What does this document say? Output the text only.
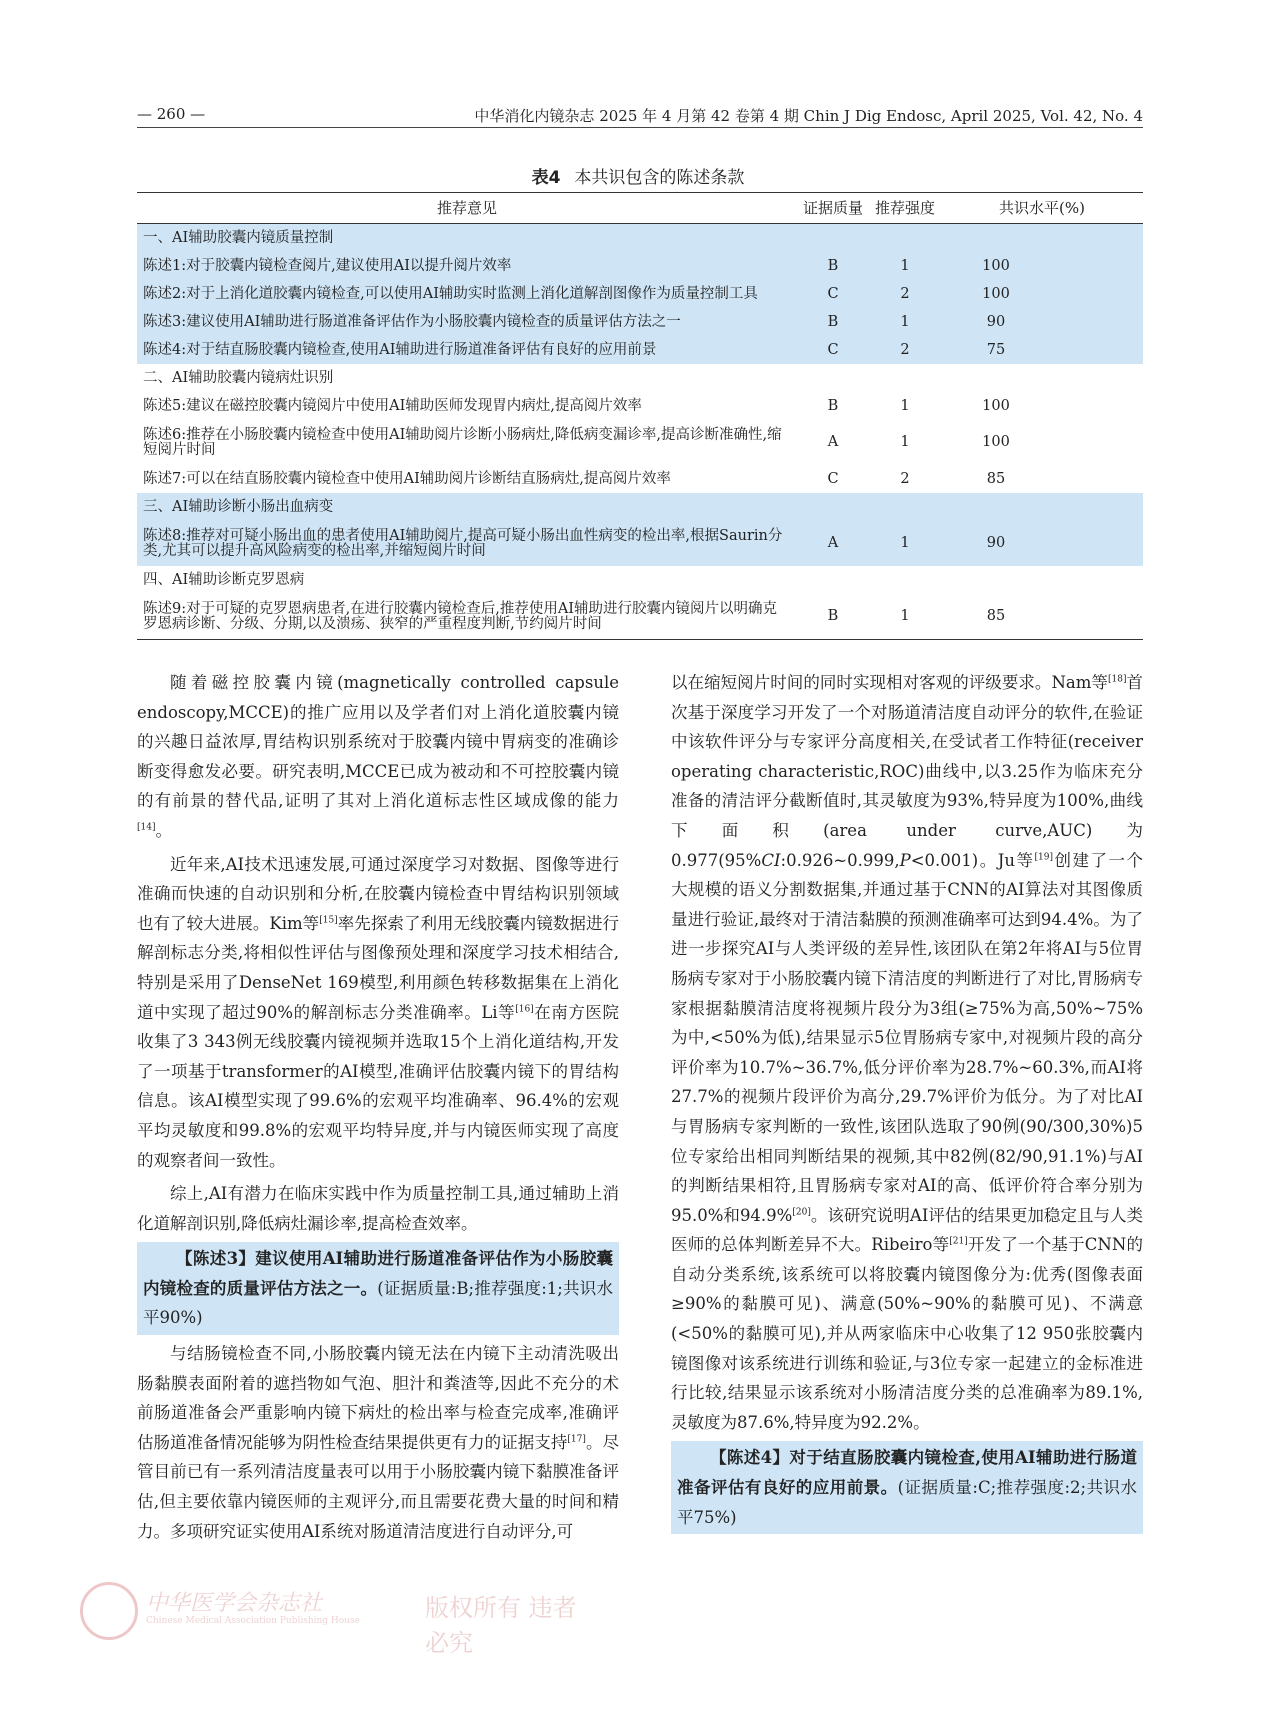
— 260 —	中华消化内镜杂志 2025 年 4 月第 42 卷第 4 期 Chin J Dig Endosc, April 2025, Vol. 42, No. 4
表4 本共识包含的陈述条款
推荐意见	证据质量	推荐强度	共识水平(%)	
一、AI辅助胶囊内镜质量控制				
陈述1:对于胶囊内镜检查阅片,建议使用AI以提升阅片效率	B	1	100	
陈述2:对于上消化道胶囊内镜检查,可以使用AI辅助实时监测上消化道解剖图像作为质量控制工具	C	2	100	
陈述3:建议使用AI辅助进行肠道准备评估作为小肠胶囊内镜检查的质量评估方法之一	B	1	90	
陈述4:对于结直肠胶囊内镜检查,使用AI辅助进行肠道准备评估有良好的应用前景	C	2	75	
二、AI辅助胶囊内镜病灶识别				
陈述5:建议在磁控胶囊内镜阅片中使用AI辅助医师发现胃内病灶,提高阅片效率	B	1	100	
陈述6:推荐在小肠胶囊内镜检查中使用AI辅助阅片诊断小肠病灶,降低病变漏诊率,提高诊断准确性,缩短阅片时间	A	1	100	
陈述7:可以在结直肠胶囊内镜检查中使用AI辅助阅片诊断结直肠病灶,提高阅片效率	C	2	85	
三、AI辅助诊断小肠出血病变				
陈述8:推荐对可疑小肠出血的患者使用AI辅助阅片,提高可疑小肠出血性病变的检出率,根据Saurin分类,尤其可以提升高风险病变的检出率,并缩短阅片时间	A	1	90	
四、AI辅助诊断克罗恩病				
陈述9:对于可疑的克罗恩病患者,在进行胶囊内镜检查后,推荐使用AI辅助进行胶囊内镜阅片以明确克罗恩病诊断、分级、分期,以及溃疡、狭窄的严重程度判断,节约阅片时间	B	1	85	

随着磁控胶囊内镜(magnetically controlled capsule endoscopy,MCCE)的推广应用以及学者们对上消化道胶囊内镜的兴趣日益浓厚,胃结构识别系统对于胶囊内镜中胃病变的准确诊断变得愈发必要。研究表明,MCCE已成为被动和不可控胶囊内镜的有前景的替代品,证明了其对上消化道标志性区域成像的能力[14]。

近年来,AI技术迅速发展,可通过深度学习对数据、图像等进行准确而快速的自动识别和分析,在胶囊内镜检查中胃结构识别领域也有了较大进展。Kim等[15]率先探索了利用无线胶囊内镜数据进行解剖标志分类,将相似性评估与图像预处理和深度学习技术相结合,特别是采用了DenseNet 169模型,利用颜色转移数据集在上消化道中实现了超过90%的解剖标志分类准确率。Li等[16]在南方医院收集了3 343例无线胶囊内镜视频并选取15个上消化道结构,开发了一项基于transformer的AI模型,准确评估胶囊内镜下的胃结构信息。该AI模型实现了99.6%的宏观平均准确率、96.4%的宏观平均灵敏度和99.8%的宏观平均特异度,并与内镜医师实现了高度的观察者间一致性。

综上,AI有潜力在临床实践中作为质量控制工具,通过辅助上消化道解剖识别,降低病灶漏诊率,提高检查效率。

【陈述3】建议使用AI辅助进行肠道准备评估作为小肠胶囊内镜检查的质量评估方法之一。(证据质量:B;推荐强度:1;共识水平90%)

与结肠镜检查不同,小肠胶囊内镜无法在内镜下主动清洗吸出肠黏膜表面附着的遮挡物如气泡、胆汁和粪渣等,因此不充分的术前肠道准备会严重影响内镜下病灶的检出率与检查完成率,准确评估肠道准备情况能够为阴性检查结果提供更有力的证据支持[17]。尽管目前已有一系列清洁度量表可以用于小肠胶囊内镜下黏膜准备评估,但主要依靠内镜医师的主观评分,而且需要花费大量的时间和精力。多项研究证实使用AI系统对肠道清洁度进行自动评分,可

以在缩短阅片时间的同时实现相对客观的评级要求。Nam等[18]首次基于深度学习开发了一个对肠道清洁度自动评分的软件,在验证中该软件评分与专家评分高度相关,在受试者工作特征(receiver operating characteristic,ROC)曲线中,以3.25作为临床充分准备的清洁评分截断值时,其灵敏度为93%,特异度为100%,曲线下面积(area under curve,AUC)为0.977(95%CI:0.926~0.999,P<0.001)。Ju等[19]创建了一个大规模的语义分割数据集,并通过基于CNN的AI算法对其图像质量进行验证,最终对于清洁黏膜的预测准确率可达到94.4%。为了进一步探究AI与人类评级的差异性,该团队在第2年将AI与5位胃肠病专家对于小肠胶囊内镜下清洁度的判断进行了对比,胃肠病专家根据黏膜清洁度将视频片段分为3组(≥75%为高,50%~75%为中,<50%为低),结果显示5位胃肠病专家中,对视频片段的高分评价率为10.7%~36.7%,低分评价率为28.7%~60.3%,而AI将27.7%的视频片段评价为高分,29.7%评价为低分。为了对比AI与胃肠病专家判断的一致性,该团队选取了90例(90/300,30%)5位专家给出相同判断结果的视频,其中82例(82/90,91.1%)与AI的判断结果相符,且胃肠病专家对AI的高、低评价符合率分别为95.0%和94.9%[20]。该研究说明AI评估的结果更加稳定且与人类医师的总体判断差异不大。Ribeiro等[21]开发了一个基于CNN的自动分类系统,该系统可以将胶囊内镜图像分为:优秀(图像表面≥90%的黏膜可见)、满意(50%~90%的黏膜可见)、不满意(<50%的黏膜可见),并从两家临床中心收集了12 950张胶囊内镜图像对该系统进行训练和验证,与3位专家一起建立的金标准进行比较,结果显示该系统对小肠清洁度分类的总准确率为89.1%,灵敏度为87.6%,特异度为92.2%。

【陈述4】对于结直肠胶囊内镜检查,使用AI辅助进行肠道准备评估有良好的应用前景。(证据质量:C;推荐强度:2;共识水平75%)

中华医学会杂志社
Chinese Medical Association Publishing House	版权所有 违者必究
